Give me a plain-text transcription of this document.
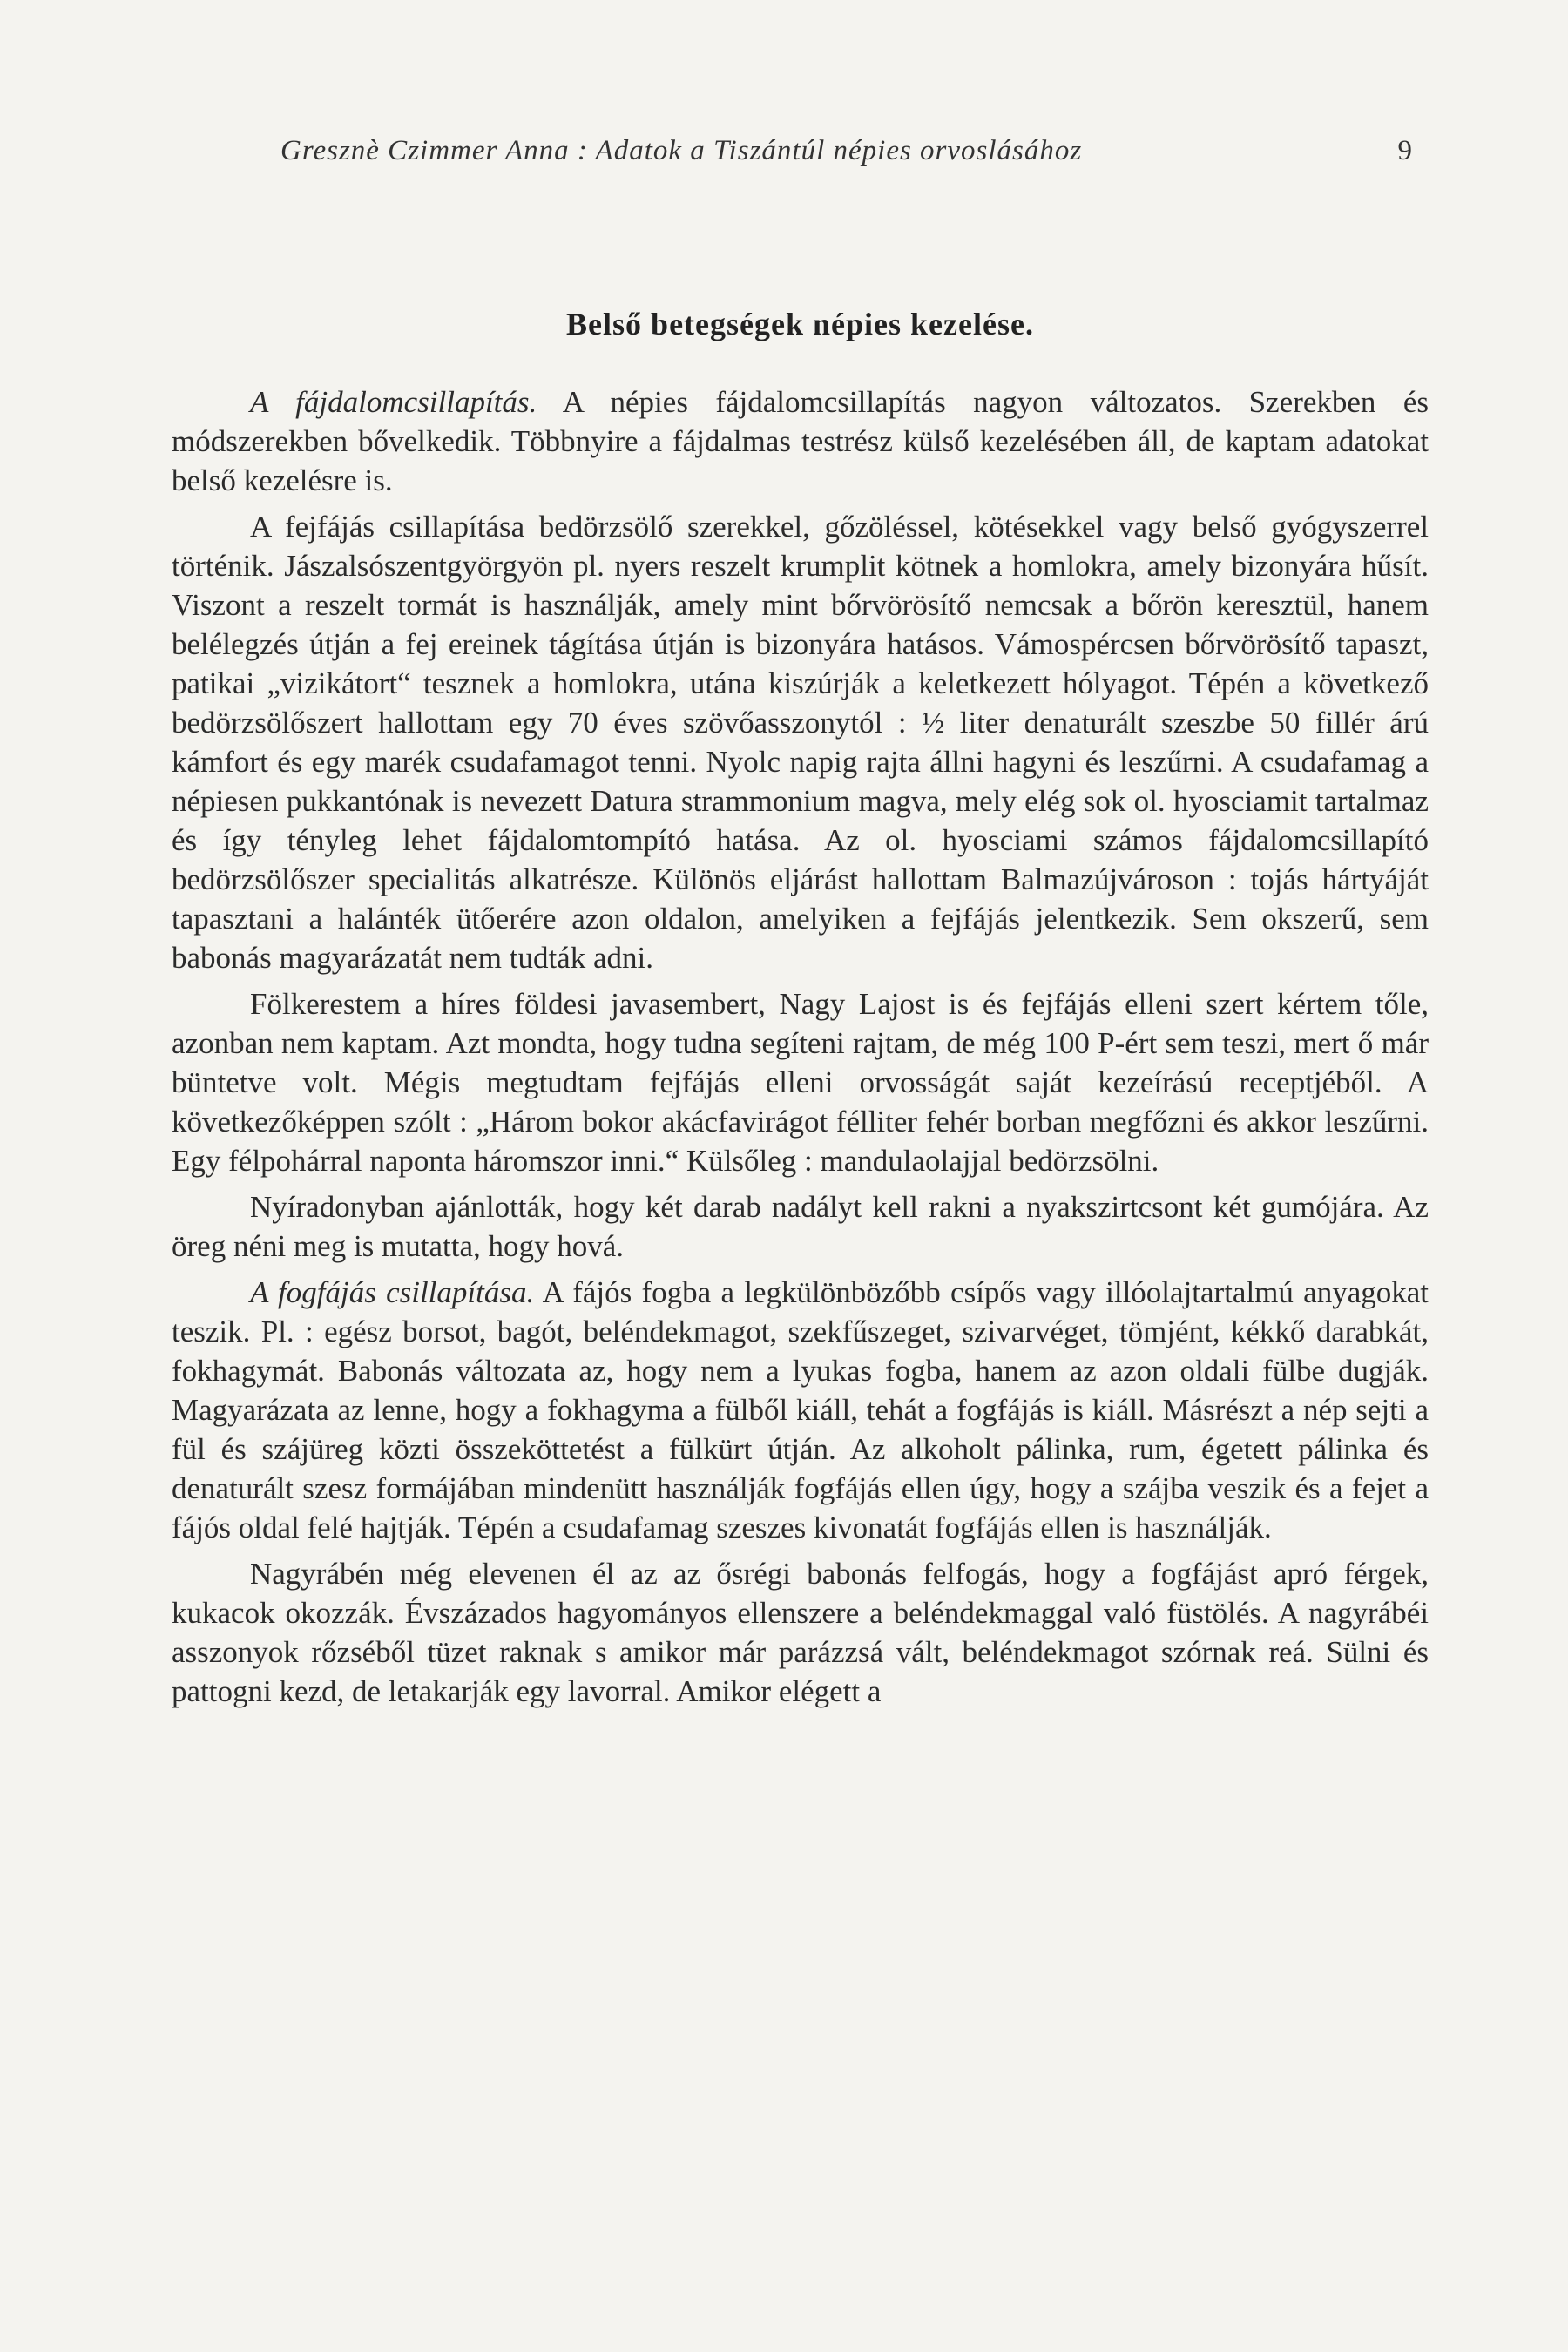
Gresznè Czimmer Anna : Adatok a Tiszántúl népies orvoslásához	9
Belső betegségek népies kezelése.

A fájdalomcsillapítás. A népies fájdalomcsillapítás nagyon változatos. Szerekben és módszerekben bővelkedik. Többnyire a fájdalmas testrész külső kezelésében áll, de kaptam adatokat belső kezelésre is.

A fejfájás csillapítása bedörzsölő szerekkel, gőzöléssel, kötésekkel vagy belső gyógyszerrel történik. Jászalsószentgyörgyön pl. nyers reszelt krumplit kötnek a homlokra, amely bizonyára hűsít. Viszont a reszelt tormát is használják, amely mint bőrvörösítő nemcsak a bőrön keresztül, hanem belélegzés útján a fej ereinek tágítása útján is bizonyára hatásos. Vámospércsen bőrvörösítő tapaszt, patikai „vizikátort“ tesznek a homlokra, utána kiszúrják a keletkezett hólyagot. Tépén a következő bedörzsölőszert hallottam egy 70 éves szövőasszonytól : ½ liter denaturált szeszbe 50 fillér árú kámfort és egy marék csudafamagot tenni. Nyolc napig rajta állni hagyni és leszűrni. A csudafamag a népiesen pukkantónak is nevezett Datura strammonium magva, mely elég sok ol. hyosciamit tartalmaz és így tényleg lehet fájdalomtompító hatása. Az ol. hyosciami számos fájdalomcsillapító bedörzsölőszer specialitás alkatrésze. Különös eljárást hallottam Balmazújvároson : tojás hártyáját tapasztani a halánték ütőerére azon oldalon, amelyiken a fejfájás jelentkezik. Sem okszerű, sem babonás magyarázatát nem tudták adni.

Fölkerestem a híres földesi javasembert, Nagy Lajost is és fejfájás elleni szert kértem tőle, azonban nem kaptam. Azt mondta, hogy tudna segíteni rajtam, de még 100 P-ért sem teszi, mert ő már büntetve volt. Mégis megtudtam fejfájás elleni orvosságát saját kezeírású receptjéből. A következőképpen szólt : „Három bokor akácfavirágot félliter fehér borban megfőzni és akkor leszűrni. Egy félpohárral naponta háromszor inni.“ Külsőleg : mandulaolajjal bedörzsölni.

Nyíradonyban ajánlották, hogy két darab nadályt kell rakni a nyakszirtcsont két gumójára. Az öreg néni meg is mutatta, hogy hová.

A fogfájás csillapítása. A fájós fogba a legkülönbözőbb csípős vagy illóolajtartalmú anyagokat teszik. Pl. : egész borsot, bagót, beléndekmagot, szekfűszeget, szivarvéget, tömjént, kékkő darabkát, fokhagymát. Babonás változata az, hogy nem a lyukas fogba, hanem az azon oldali fülbe dugják. Magyarázata az lenne, hogy a fokhagyma a fülből kiáll, tehát a fogfájás is kiáll. Másrészt a nép sejti a fül és szájüreg közti összeköttetést a fülkürt útján. Az alkoholt pálinka, rum, égetett pálinka és denaturált szesz formájában mindenütt használják fogfájás ellen úgy, hogy a szájba veszik és a fejet a fájós oldal felé hajtják. Tépén a csudafamag szeszes kivonatát fogfájás ellen is használják.

Nagyrábén még elevenen él az az ősrégi babonás felfogás, hogy a fogfájást apró férgek, kukacok okozzák. Évszázados hagyományos ellenszere a beléndekmaggal való füstölés. A nagyrábéi asszonyok rőzséből tüzet raknak s amikor már parázzsá vált, beléndekmagot szórnak reá. Sülni és pattogni kezd, de letakarják egy lavorral. Amikor elégett a
